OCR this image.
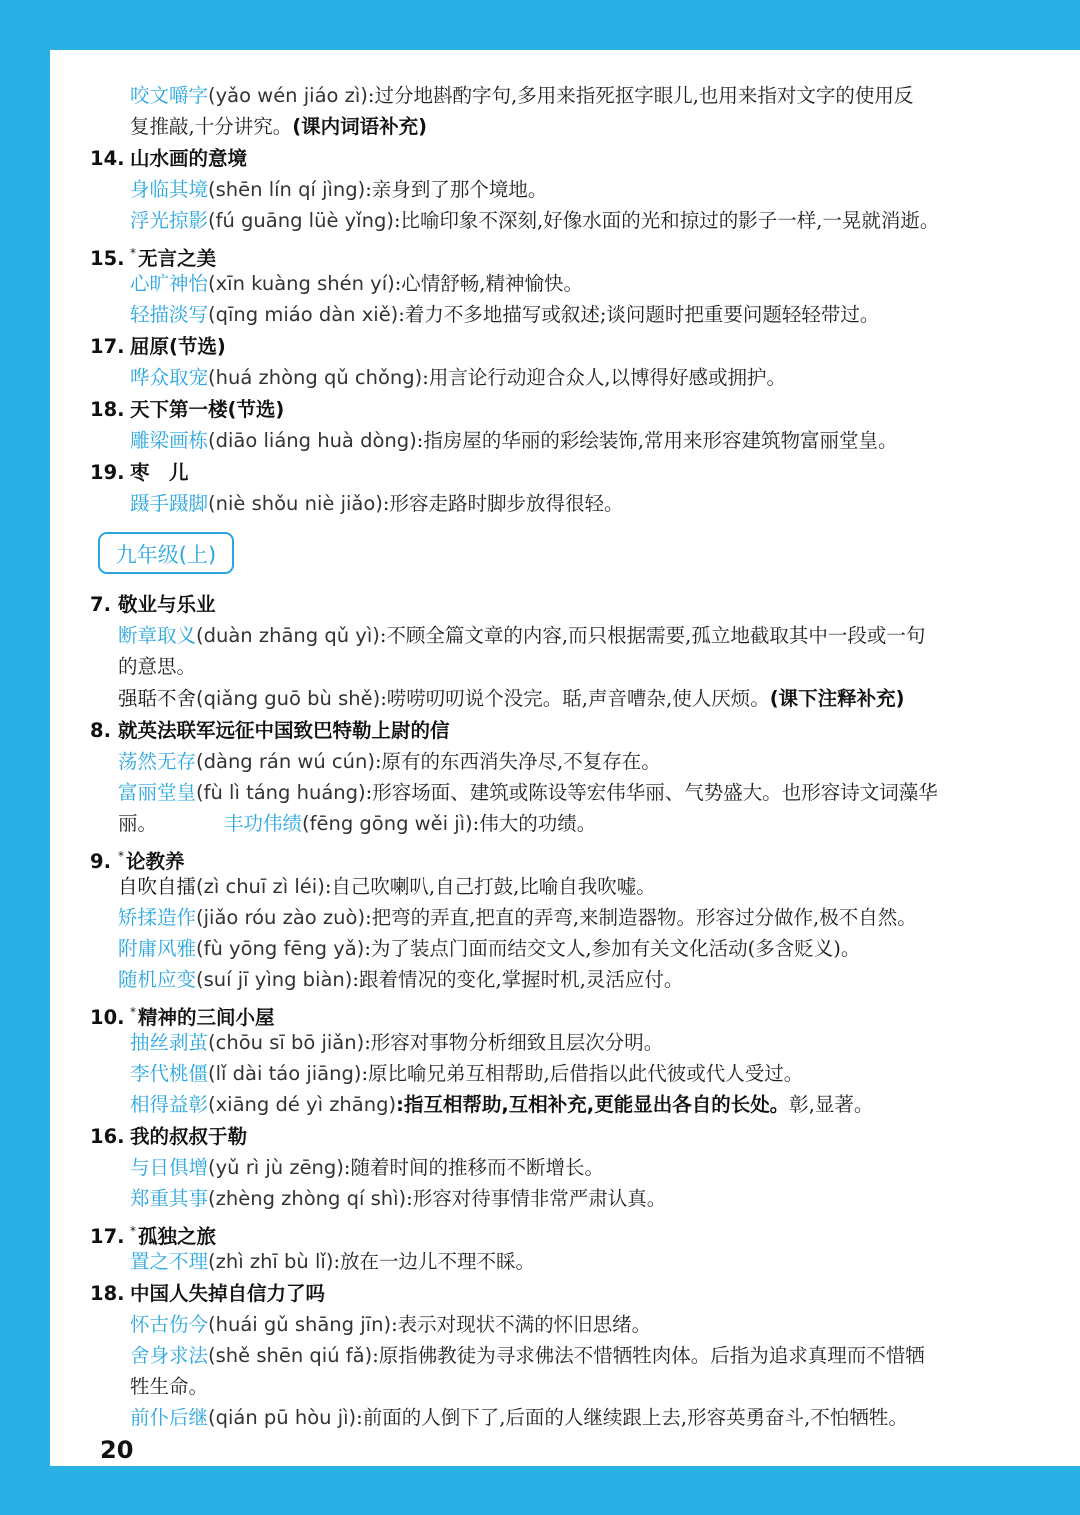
咬文嚼字(yǎo wén jiáo zì):过分地斟酌字句,多用来指死抠字眼儿,也用来指对文字的使用反
复推敲,十分讲究。(课内词语补充)
14. 山水画的意境
身临其境(shēn lín qí jìng):亲身到了那个境地。
浮光掠影(fú guāng lüè yǐng):比喻印象不深刻,好像水面的光和掠过的影子一样,一晃就消逝。
15. * 无言之美
心旷神怡(xīn kuàng shén yí):心情舒畅,精神愉快。
轻描淡写(qīng miáo dàn xiě):着力不多地描写或叙述;谈问题时把重要问题轻轻带过。
17. 屈原(节选)
哗众取宠(huá zhòng qǔ chǒng):用言论行动迎合众人,以博得好感或拥护。
18. 天下第一楼(节选)
雕梁画栋(diāo liáng huà dòng):指房屋的华丽的彩绘装饰,常用来形容建筑物富丽堂皇。
19. 枣　儿
蹑手蹑脚(niè shǒu niè jiǎo):形容走路时脚步放得很轻。
九年级(上)
7. 敬业与乐业
断章取义(duàn zhāng qǔ yì):不顾全篇文章的内容,而只根据需要,孤立地截取其中一段或一句
的意思。
强聒不舍(qiǎng guō bù shě):唠唠叨叨说个没完。聒,声音嘈杂,使人厌烦。(课下注释补充)
8. 就英法联军远征中国致巴特勒上尉的信
荡然无存(dàng rán wú cún):原有的东西消失净尽,不复存在。
富丽堂皇(fù lì táng huáng):形容场面、建筑或陈设等宏伟华丽、气势盛大。也形容诗文词藻华
丽。	丰功伟绩(fēng gōng wěi jì):伟大的功绩。
9. * 论教养
自吹自擂(zì chuī zì léi):自己吹喇叭,自己打鼓,比喻自我吹嘘。
矫揉造作(jiǎo róu zào zuò):把弯的弄直,把直的弄弯,来制造器物。形容过分做作,极不自然。
附庸风雅(fù yōng fēng yǎ):为了装点门面而结交文人,参加有关文化活动(多含贬义)。
随机应变(suí jī yìng biàn):跟着情况的变化,掌握时机,灵活应付。
10. * 精神的三间小屋
抽丝剥茧(chōu sī bō jiǎn):形容对事物分析细致且层次分明。
李代桃僵(lǐ dài táo jiāng):原比喻兄弟互相帮助,后借指以此代彼或代人受过。
相得益彰(xiāng dé yì zhāng):指互相帮助,互相补充,更能显出各自的长处。彰,显著。
16. 我的叔叔于勒
与日俱增(yǔ rì jù zēng):随着时间的推移而不断增长。
郑重其事(zhèng zhòng qí shì):形容对待事情非常严肃认真。
17. * 孤独之旅
置之不理(zhì zhī bù lǐ):放在一边儿不理不睬。
18. 中国人失掉自信力了吗
怀古伤今(huái gǔ shāng jīn):表示对现状不满的怀旧思绪。
舍身求法(shě shēn qiú fǎ):原指佛教徒为寻求佛法不惜牺牲肉体。后指为追求真理而不惜牺
牲生命。
前仆后继(qián pū hòu jì):前面的人倒下了,后面的人继续跟上去,形容英勇奋斗,不怕牺牲。
20
